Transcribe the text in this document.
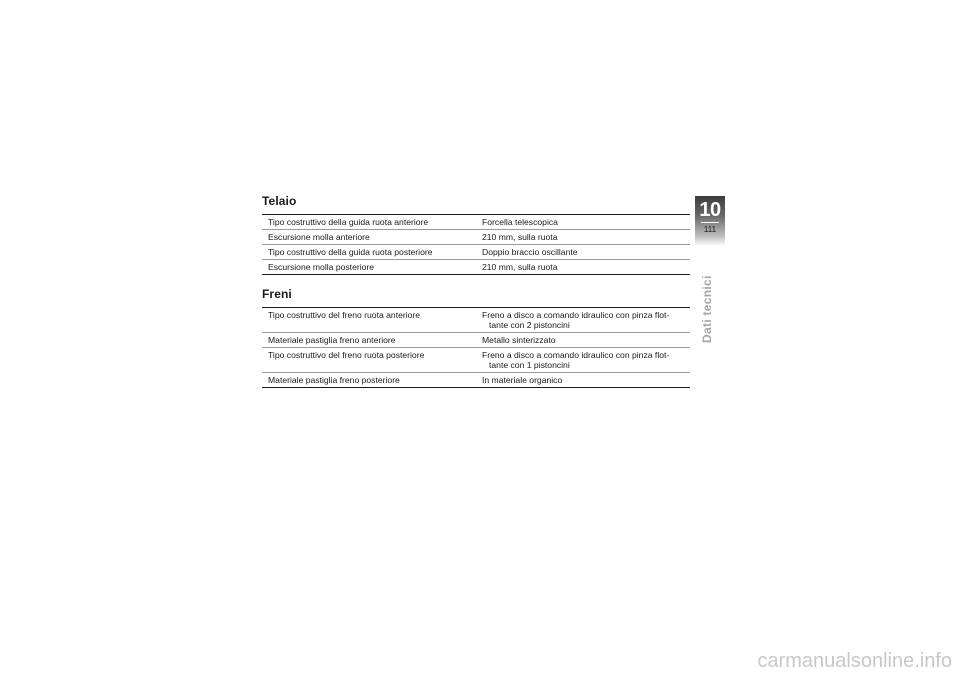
Telaio
Tipo costruttivo della guida ruota anteriore	Forcella telescopica
Escursione molla anteriore	210 mm, sulla ruota
Tipo costruttivo della guida ruota posteriore	Doppio braccio oscillante
Escursione molla posteriore	210 mm, sulla ruota
Freni
Tipo costruttivo del freno ruota anteriore	Freno a disco a comando idraulico con pinza flot-
tante con 2 pistoncini

Materiale pastiglia freno anteriore	Metallo sinterizzato
Tipo costruttivo del freno ruota posteriore	Freno a disco a comando idraulico con pinza flot-
tante con 1 pistoncini

Materiale pastiglia freno posteriore	In materiale organico
10
111
Dati tecnici
carmanualsonline.info
